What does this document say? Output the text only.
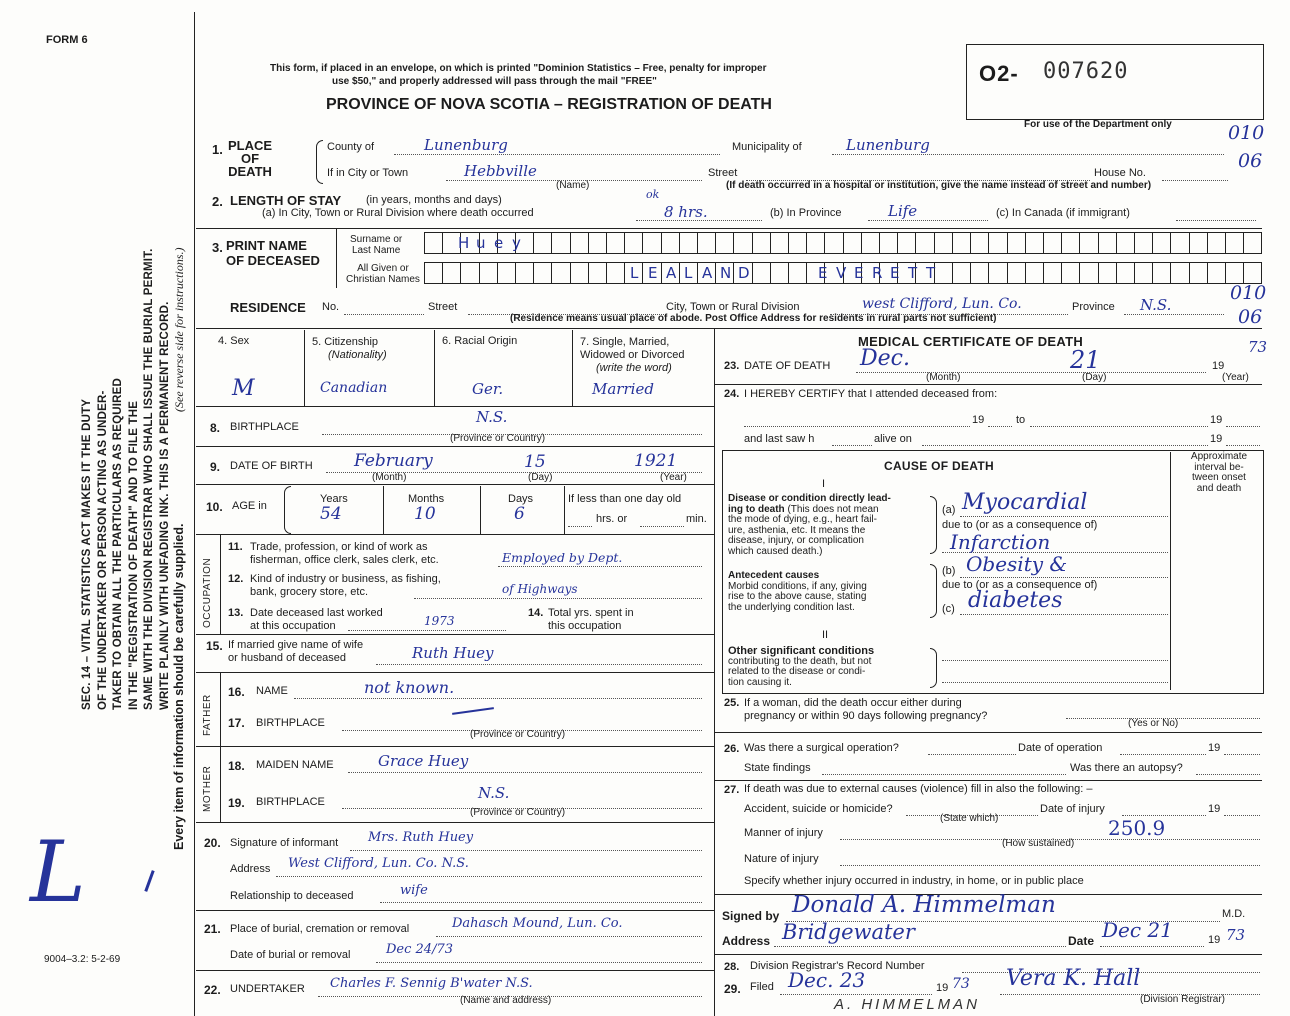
FORM 6
SEC. 14 – VITAL STATISTICS ACT MAKES IT THE DUTY OF THE UNDERTAKER OR PERSON ACTING AS UNDER- TAKER TO OBTAIN ALL THE PARTICULARS AS REQUIRED IN THE "REGISTRATION OF DEATH" AND TO FILE THE SAME WITH THE DIVISION REGISTRAR WHO SHALL ISSUE THE BURIAL PERMIT. WRITE PLAINLY WITH UNFADING INK. THIS IS A PERMANENT RECORD. Every item of information should be carefully supplied.
(See reverse side for instructions.)
L
9004–3.2: 5-2-69
This form, if placed in an envelope, on which is printed "Dominion Statistics – Free, penalty for improper
use $50," and properly addressed will pass through the mail "FREE"
PROVINCE OF NOVA SCOTIA – REGISTRATION OF DEATH
O2- 007620
For use of the Department only
1. PLACE
OF
DEATH
County of	Lunenburg	Municipality of	Lunenburg
010
06
If in City or Town	Hebbville
(Name)
Street	House No.
(If death occurred in a hospital or institution, give the name instead of street and number)
2. LENGTH OF STAY (in years, months and days)
(a) In City, Town or Rural Division where death occurred
ok
8 hrs.	(b) In Province	Life	(c) In Canada (if immigrant)
3. PRINT NAME
OF DECEASED
Surname or
Last Name	H u e y
All Given or
Christian Names	L E A L A N D	E V E R E T T
RESIDENCE No.	Street	City, Town or Rural Division	west Clifford, Lun. Co.	Province N.S.
010
06
(Residence means usual place of abode. Post Office Address for residents in rural parts not sufficient)
4. Sex
M
5. Citizenship
(Nationality)
Canadian
6. Racial Origin
Ger.
7. Single, Married,
Widowed or Divorced
(write the word)
Married
8. BIRTHPLACE
N.S.
(Province or Country)
9. DATE OF BIRTH February	15	1921
(Month)	(Day)	(Year)
10. AGE in
Years	Months	Days
54	10	6
If less than one day old
hrs. or	min.
OCCUPATION
11. Trade, profession, or kind of work as
fisherman, office clerk, sales clerk, etc.	Employed by Dept.
12. Kind of industry or business, as fishing,
bank, grocery store, etc.	of Highways
13. Date deceased last worked
at this occupation	1973
14. Total yrs. spent in
this occupation
15. If married give name of wife
or husband of deceased	Ruth Huey
FATHER
16. NAME	not known.
17. BIRTHPLACE
(Province or Country)
MOTHER 18. MAIDEN NAME	Grace Huey
19. BIRTHPLACE	N.S.
(Province or Country)
20. Signature of informant Mrs. Ruth Huey
Address West Clifford, Lun. Co. N.S.
Relationship to deceased	wife
21. Place of burial, cremation or removal	Dahasch Mound, Lun. Co.
Date of burial or removal	Dec 24/73
22. UNDERTAKER Charles F. Sennig B'water N.S.
(Name and address)
MEDICAL CERTIFICATE OF DEATH
23. DATE OF DEATH Dec.	21	19
73
(Month)	(Day)	(Year)
24. I HEREBY CERTIFY that I attended deceased from:
19	to	19
and last saw h	alive on	19
CAUSE OF DEATH
Approximate
interval be-
tween onset
and death
I
Disease or condition directly lead-
ing to death (This does not mean
the mode of dying, e.g., heart fail-
ure, asthenia, etc. It means the
disease, injury, or complication
which caused death.)
(a) Myocardial
due to (or as a consequence of)
Infarction
Antecedent causes
Morbid conditions, if any, giving
rise to the above cause, stating
the underlying condition last.
(b) Obesity &
due to (or as a consequence of)
(c) diabetes
II
Other significant conditions
contributing to the death, but not
related to the disease or condi-
tion causing it.
25. If a woman, did the death occur either during
pregnancy or within 90 days following pregnancy?
(Yes or No)
26. Was there a surgical operation?	Date of operation	19
State findings	Was there an autopsy?
27. If death was due to external causes (violence) fill in also the following: –
Accident, suicide or homicide?
(State which)
Date of injury	19
Manner of injury
(How sustained)
250.9
Nature of injury
Specify whether injury occurred in industry, in home, or in public place
Signed by Donald A. Himmelman	M.D.
Address Bridgewater	Date Dec 21	19 73
28. Division Registrar's Record Number
29. Filed Dec. 23	19 73 Vera K. Hall
(Division Registrar)
A. HIMMELMAN
